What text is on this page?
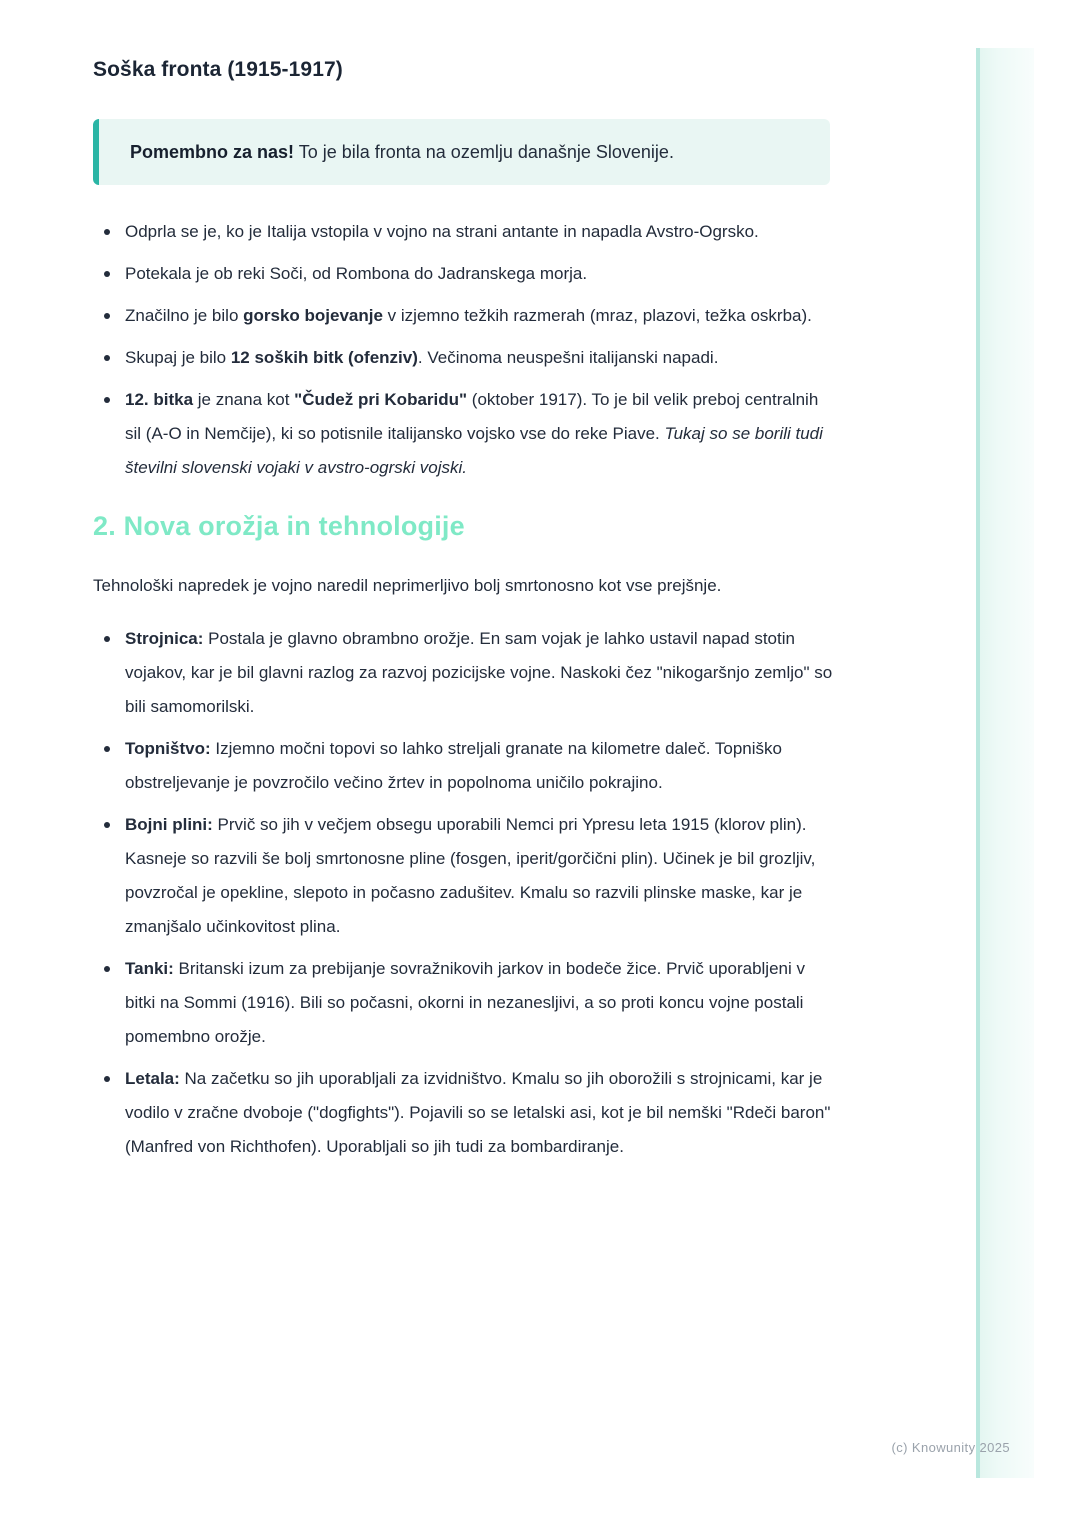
Soška fronta (1915-1917)
Pomembno za nas! To je bila fronta na ozemlju današnje Slovenije.
Odprla se je, ko je Italija vstopila v vojno na strani antante in napadla Avstro-Ogrsko.
Potekala je ob reki Soči, od Rombona do Jadranskega morja.
Značilno je bilo gorsko bojevanje v izjemno težkih razmerah (mraz, plazovi, težka oskrba).
Skupaj je bilo 12 soških bitk (ofenziv). Večinoma neuspešni italijanski napadi.
12. bitka je znana kot "Čudež pri Kobaridu" (oktober 1917). To je bil velik preboj centralnih sil (A-O in Nemčije), ki so potisnile italijansko vojsko vse do reke Piave. Tukaj so se borili tudi številni slovenski vojaki v avstro-ogrski vojski.
2. Nova orožja in tehnologije

Tehnološki napredek je vojno naredil neprimerljivo bolj smrtonosno kot vse prejšnje.

Strojnica: Postala je glavno obrambno orožje. En sam vojak je lahko ustavil napad stotin vojakov, kar je bil glavni razlog za razvoj pozicijske vojne. Naskoki čez "nikogaršnjo zemljo" so bili samomorilski.
Topništvo: Izjemno močni topovi so lahko streljali granate na kilometre daleč. Topniško obstreljevanje je povzročilo večino žrtev in popolnoma uničilo pokrajino.
Bojni plini: Prvič so jih v večjem obsegu uporabili Nemci pri Ypresu leta 1915 (klorov plin). Kasneje so razvili še bolj smrtonosne pline (fosgen, iperit/gorčični plin). Učinek je bil grozljiv, povzročal je opekline, slepoto in počasno zadušitev. Kmalu so razvili plinske maske, kar je zmanjšalo učinkovitost plina.
Tanki: Britanski izum za prebijanje sovražnikovih jarkov in bodeče žice. Prvič uporabljeni v bitki na Sommi (1916). Bili so počasni, okorni in nezanesljivi, a so proti koncu vojne postali pomembno orožje.
Letala: Na začetku so jih uporabljali za izvidništvo. Kmalu so jih oborožili s strojnicami, kar je vodilo v zračne dvoboje ("dogfights"). Pojavili so se letalski asi, kot je bil nemški "Rdeči baron" (Manfred von Richthofen). Uporabljali so jih tudi za bombardiranje.
(c) Knowunity 2025
